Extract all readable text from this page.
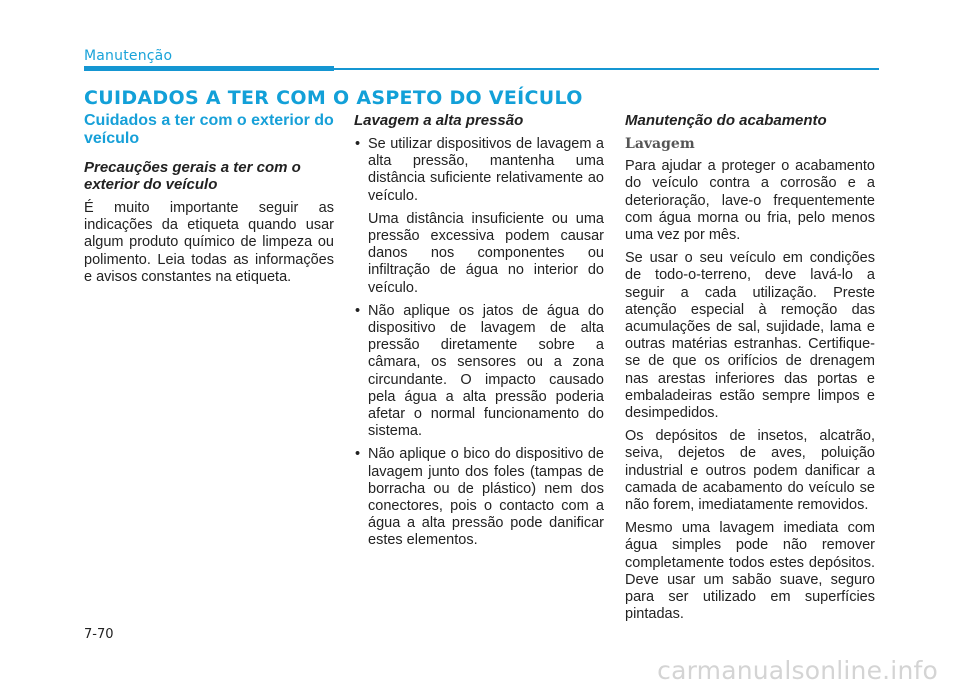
Manutenção
CUIDADOS A TER COM O ASPETO DO VEÍCULO
Cuidados a ter com o exterior do veículo
Precauções gerais a ter com o exterior do veículo

É muito importante seguir as indicações da etiqueta quando usar algum produto químico de limpeza ou polimento. Leia todas as informações e avisos constantes na etiqueta.

Lavagem a alta pressão
• Se utilizar dispositivos de lavagem a alta pressão, mantenha uma distância suficiente relativamente ao veículo.
Uma distância insuficiente ou uma pressão excessiva podem causar danos nos componentes ou infiltração de água no interior do veículo.
• Não aplique os jatos de água do dispositivo de lavagem de alta pressão diretamente sobre a câmara, os sensores ou a zona circundante. O impacto causado pela água a alta pressão poderia afetar o normal funcionamento do sistema.
• Não aplique o bico do dispositivo de lavagem junto dos foles (tampas de borracha ou de plástico) nem dos conectores, pois o contacto com a água a alta pressão pode danificar estes elementos.
Manutenção do acabamento
Lavagem

Para ajudar a proteger o acabamento do veículo contra a corrosão e a deterioração, lave-o frequentemente com água morna ou fria, pelo menos uma vez por mês.

Se usar o seu veículo em condições de todo-o-terreno, deve lavá-lo a seguir a cada utilização. Preste atenção especial à remoção das acumulações de sal, sujidade, lama e outras matérias estranhas. Certifique-se de que os orifícios de drenagem nas arestas inferiores das portas e embaladeiras estão sempre limpos e desimpedidos.

Os depósitos de insetos, alcatrão, seiva, dejetos de aves, poluição industrial e outros podem danificar a camada de acabamento do veículo se não forem, imediatamente removidos.

Mesmo uma lavagem imediata com água simples pode não remover completamente todos estes depósitos. Deve usar um sabão suave, seguro para ser utilizado em superfícies pintadas.

7-70
carmanualsonline.info
